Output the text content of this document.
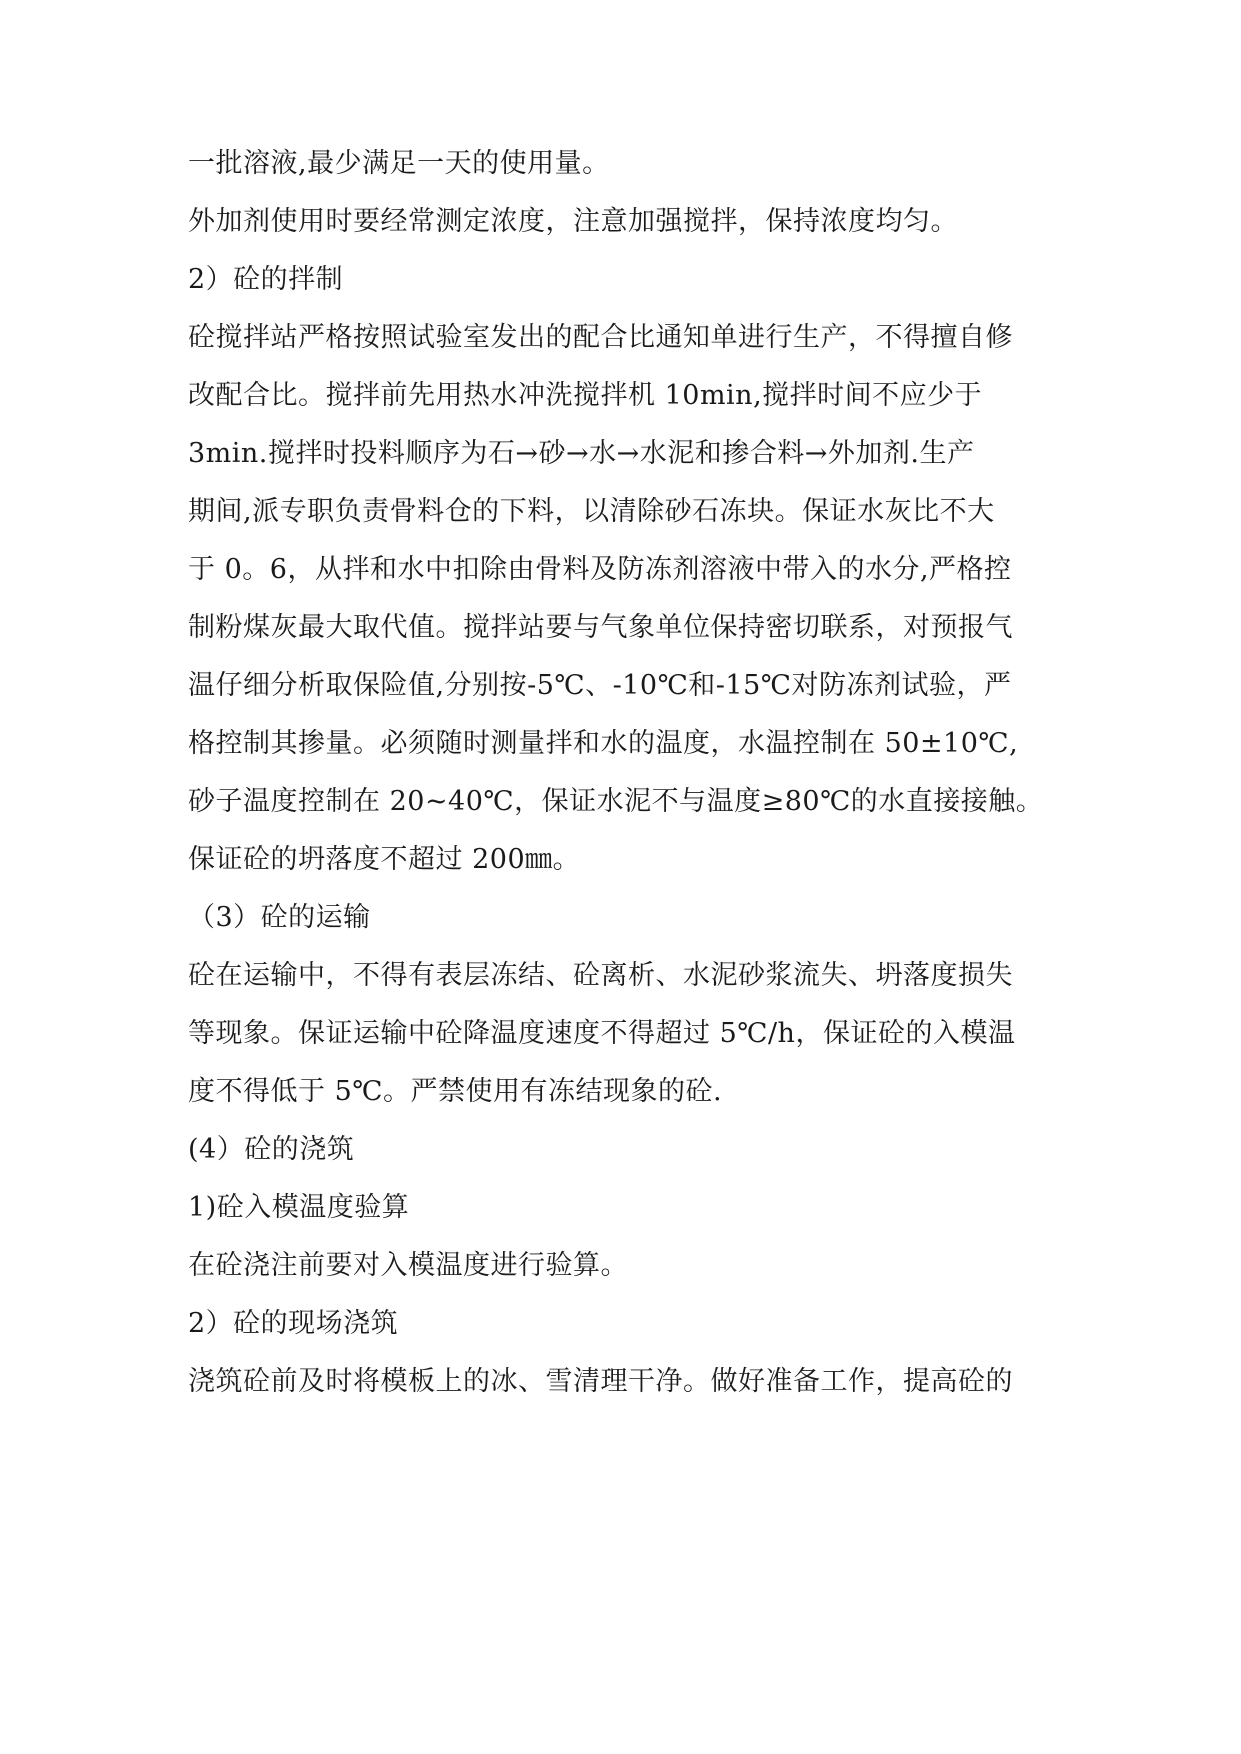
一批溶液,最少满足一天的使用量。
外加剂使用时要经常测定浓度，注意加强搅拌，保持浓度均匀。
2）砼的拌制
砼搅拌站严格按照试验室发出的配合比通知单进行生产，不得擅自修
改配合比。搅拌前先用热水冲洗搅拌机 10min,搅拌时间不应少于
3min.搅拌时投料顺序为石→砂→水→水泥和掺合料→外加剂.生产
期间,派专职负责骨料仓的下料，以清除砂石冻块。保证水灰比不大
于 0。6，从拌和水中扣除由骨料及防冻剂溶液中带入的水分,严格控
制粉煤灰最大取代值。搅拌站要与气象单位保持密切联系，对预报气
温仔细分析取保险值,分别按-5℃、-10℃和-15℃对防冻剂试验，严
格控制其掺量。必须随时测量拌和水的温度，水温控制在 50±10℃,
砂子温度控制在 20~40℃，保证水泥不与温度≥80℃的水直接接触。
保证砼的坍落度不超过 200㎜。
（3）砼的运输
砼在运输中，不得有表层冻结、砼离析、水泥砂浆流失、坍落度损失
等现象。保证运输中砼降温度速度不得超过 5℃/h，保证砼的入模温
度不得低于 5℃。严禁使用有冻结现象的砼.
(4）砼的浇筑
1)砼入模温度验算
在砼浇注前要对入模温度进行验算。
2）砼的现场浇筑
浇筑砼前及时将模板上的冰、雪清理干净。做好准备工作，提高砼的
